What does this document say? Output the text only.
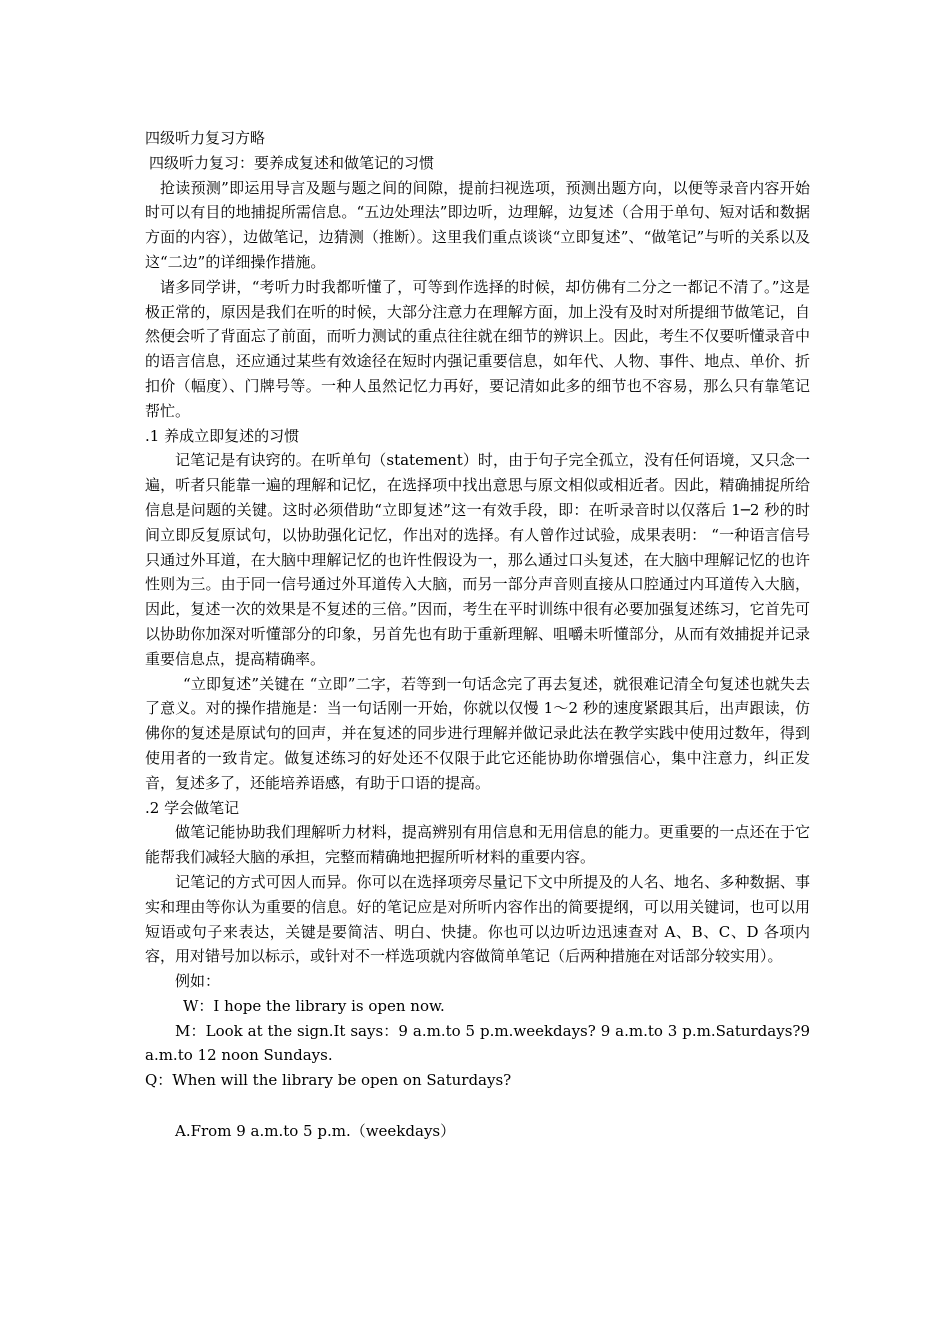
四级听力复习方略
四级听力复习：要养成复述和做笔记的习惯
抢读预测”即运用导言及题与题之间的间隙，提前扫视选项，预测出题方向，以便等录音内容开始时可以有目的地捕捉所需信息。“五边处理法”即边听，边理解，边复述（合用于单句、短对话和数据方面的内容），边做笔记，边猜测（推断）。这里我们重点谈谈“立即复述”、“做笔记”与听的关系以及这“二边”的详细操作措施。
诸多同学讲，“考听力时我都听懂了，可等到作选择的时候，却仿佛有二分之一都记不清了。”这是极正常的，原因是我们在听的时候，大部分注意力在理解方面，加上没有及时对所提细节做笔记，自然便会听了背面忘了前面，而听力测试的重点往往就在细节的辨识上。因此，考生不仅要听懂录音中的语言信息，还应通过某些有效途径在短时内强记重要信息，如年代、人物、事件、地点、单价、折扣价（幅度）、门牌号等。一种人虽然记忆力再好，要记清如此多的细节也不容易，那么只有靠笔记帮忙。
.1 养成立即复述的习惯
记笔记是有诀窍的。在听单句（statement）时，由于句子完全孤立，没有任何语境，又只念一遍，听者只能靠一遍的理解和记忆，在选择项中找出意思与原文相似或相近者。因此，精确捕捉所给信息是问题的关键。这时必须借助“立即复述”这一有效手段，即：在听录音时以仅落后 1─2 秒的时间立即反复原试句，以协助强化记忆，作出对的选择。有人曾作过试验，成果表明： “一种语言信号只通过外耳道，在大脑中理解记忆的也许性假设为一，那么通过口头复述，在大脑中理解记忆的也许性则为三。由于同一信号通过外耳道传入大脑，而另一部分声音则直接从口腔通过内耳道传入大脑，因此，复述一次的效果是不复述的三倍。”因而，考生在平时训练中很有必要加强复述练习，它首先可以协助你加深对听懂部分的印象，另首先也有助于重新理解、咀嚼未听懂部分，从而有效捕捉并记录重要信息点，提高精确率。
“立即复述”关键在 “立即”二字，若等到一句话念完了再去复述，就很难记清全句复述也就失去了意义。对的操作措施是：当一句话刚一开始，你就以仅慢 1～2 秒的速度紧跟其后，出声跟读，仿佛你的复述是原试句的回声，并在复述的同步进行理解并做记录此法在教学实践中使用过数年，得到使用者的一致肯定。做复述练习的好处还不仅限于此它还能协助你增强信心，集中注意力，纠正发音，复述多了，还能培养语感，有助于口语的提高。
.2 学会做笔记
做笔记能协助我们理解听力材料，提高辨别有用信息和无用信息的能力。更重要的一点还在于它能帮我们减轻大脑的承担，完整而精确地把握所听材料的重要内容。
记笔记的方式可因人而异。你可以在选择项旁尽量记下文中所提及的人名、地名、多种数据、事实和理由等你认为重要的信息。好的笔记应是对所听内容作出的简要提纲，可以用关键词，也可以用短语或句子来表达，关键是要简洁、明白、快捷。你也可以边听边迅速查对 A、B、C、D 各项内容，用对错号加以标示，或针对不一样选项就内容做简单笔记（后两种措施在对话部分较实用）。
例如：
W：I hope the library is open now.
M：Look at the sign.It says：9 a.m.to 5 p.m.weekdays? 9 a.m.to 3 p.m.Saturdays?9 a.m.to 12 noon Sundays.
Q：When will the library be open on Saturdays?
A.From 9 a.m.to 5 p.m.（weekdays）
